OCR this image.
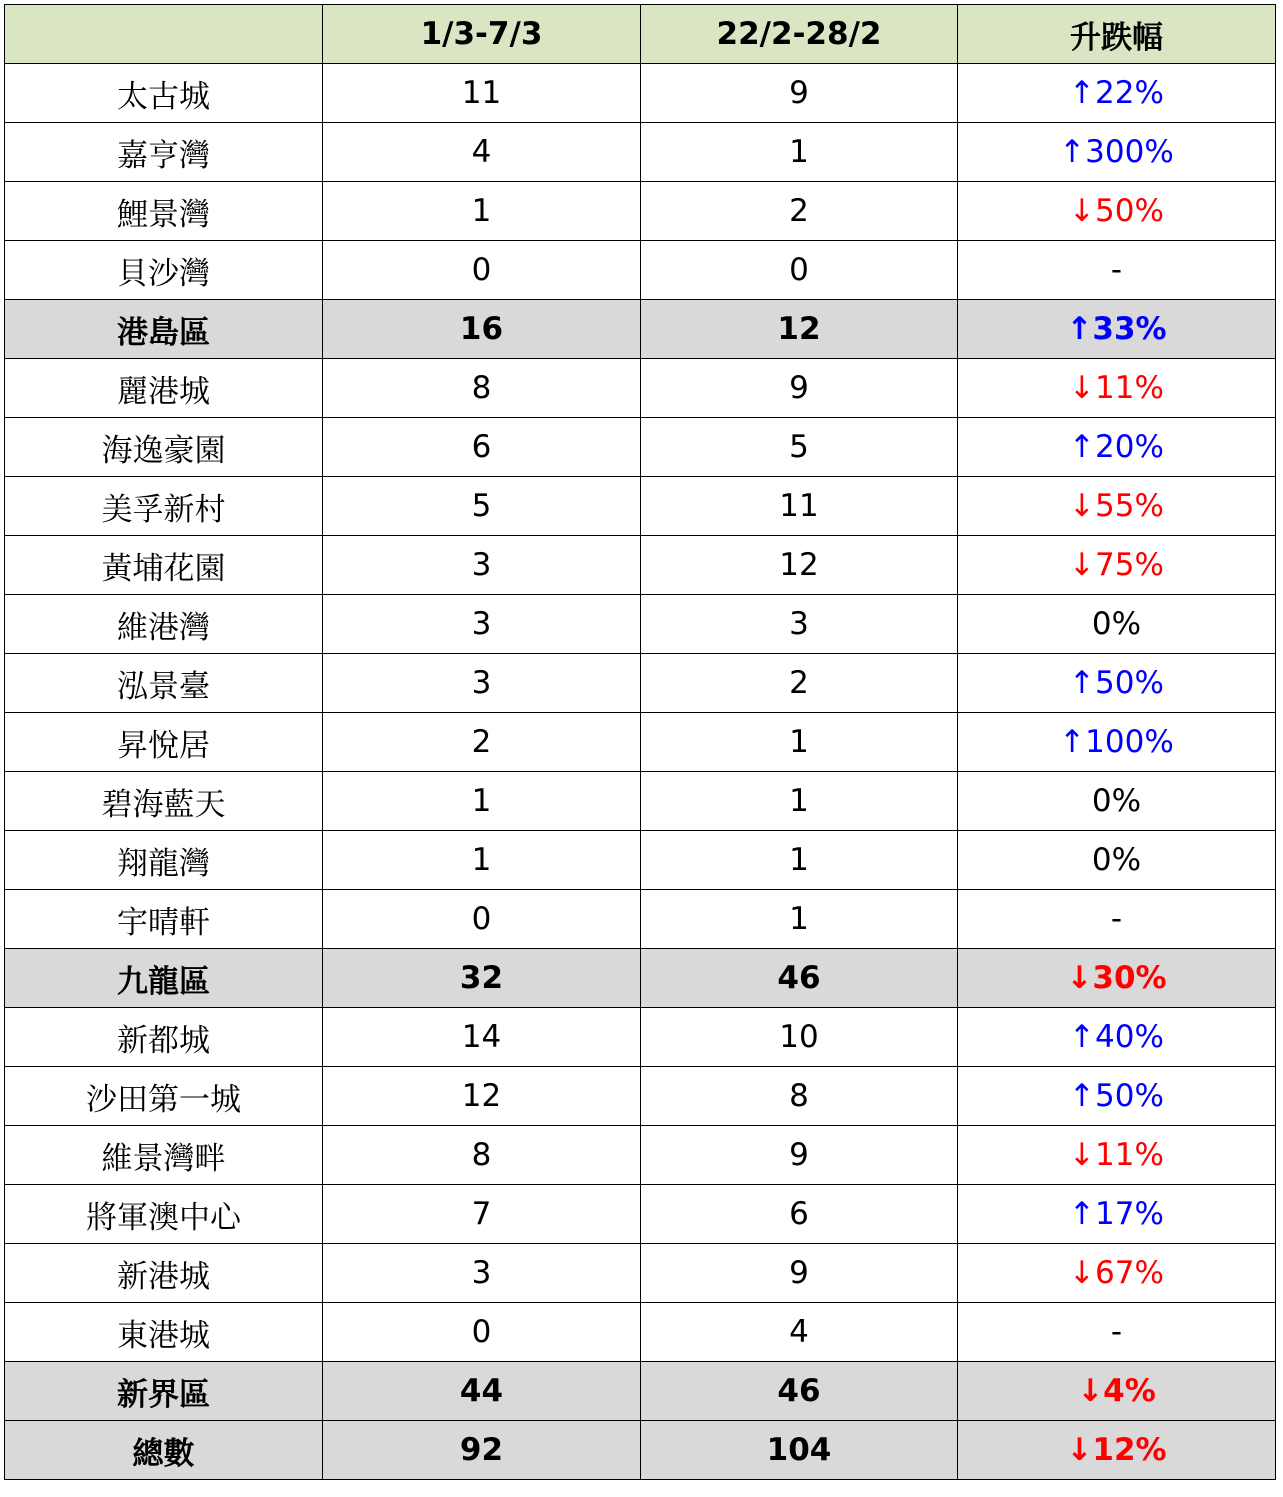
	1/3-7/3	22/2-28/2	升跌幅
太古城	11	9	↑22%
嘉亨灣	4	1	↑300%
鯉景灣	1	2	↓50%
貝沙灣	0	0	-
港島區	16	12	↑33%
麗港城	8	9	↓11%
海逸豪園	6	5	↑20%
美孚新村	5	11	↓55%
黃埔花園	3	12	↓75%
維港灣	3	3	0%
泓景臺	3	2	↑50%
昇悅居	2	1	↑100%
碧海藍天	1	1	0%
翔龍灣	1	1	0%
宇晴軒	0	1	-
九龍區	32	46	↓30%
新都城	14	10	↑40%
沙田第一城	12	8	↑50%
維景灣畔	8	9	↓11%
將軍澳中心	7	6	↑17%
新港城	3	9	↓67%
東港城	0	4	-
新界區	44	46	↓4%
總數	92	104	↓12%
